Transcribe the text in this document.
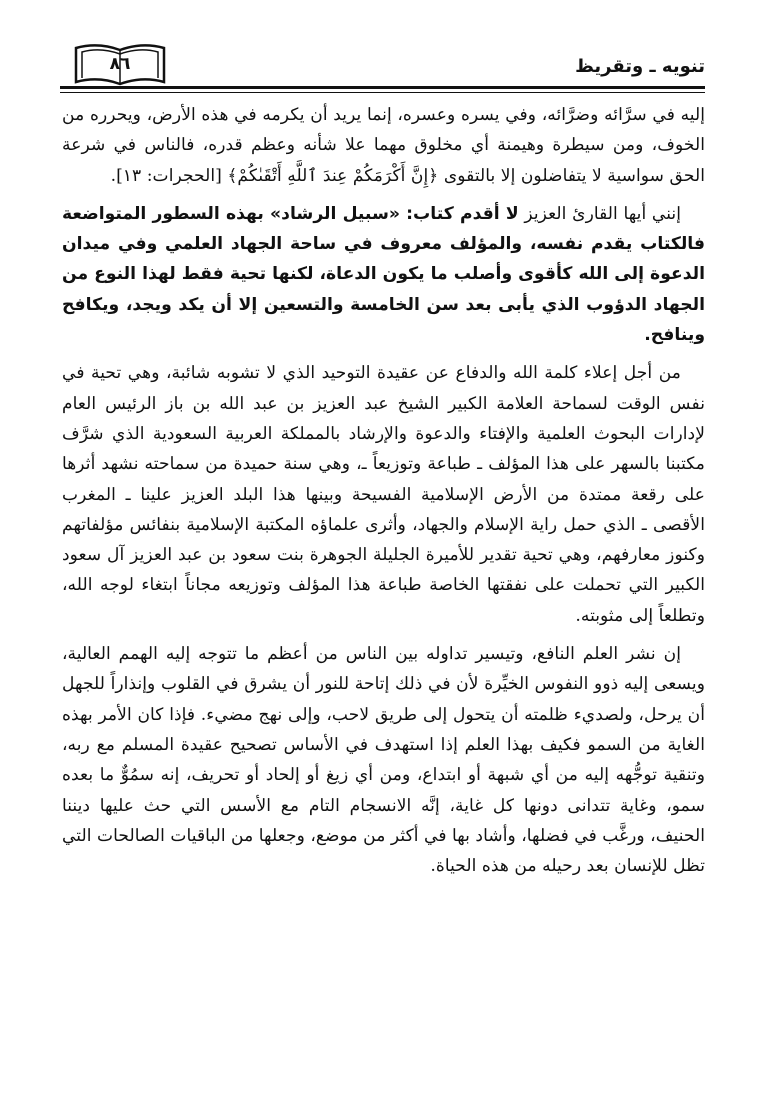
٨٦	تنويه ـ وتقريظ

إليه في سرَّائه وضرَّائه، وفي يسره وعسره، إنما يريد أن يكرمه في هذه الأرض، ويحرره من الخوف، ومن سيطرة وهيمنة أي مخلوق مهما علا شأنه وعظم قدره، فالناس في شرعة الحق سواسية لا يتفاضلون إلا بالتقوى ﴿إِنَّ أَكْرَمَكُمْ عِندَ ٱللَّهِ أَتْقَىٰكُمْ﴾ [الحجرات: ١٣].

إنني أيها القارئ العزيز لا أقدم كتاب: «سبيل الرشاد» بهذه السطور المتواضعة فالكتاب يقدم نفسه، والمؤلف معروف في ساحة الجهاد العلمي وفي ميدان الدعوة إلى الله كأقوى وأصلب ما يكون الدعاة، لكنها تحية فقط لهذا النوع من الجهاد الدؤوب الذي يأبى بعد سن الخامسة والتسعين إلا أن يكد ويجد، ويكافح وينافح.

من أجل إعلاء كلمة الله والدفاع عن عقيدة التوحيد الذي لا تشوبه شائبة، وهي تحية في نفس الوقت لسماحة العلامة الكبير الشيخ عبد العزيز بن عبد الله بن باز الرئيس العام لإدارات البحوث العلمية والإفتاء والدعوة والإرشاد بالمملكة العربية السعودية الذي شرَّف مكتبنا بالسهر على هذا المؤلف ـ طباعة وتوزيعاً ـ، وهي سنة حميدة من سماحته نشهد أثرها على رقعة ممتدة من الأرض الإسلامية الفسيحة وبينها هذا البلد العزيز علينا ـ المغرب الأقصى ـ الذي حمل راية الإسلام والجهاد، وأثرى علماؤه المكتبة الإسلامية بنفائس مؤلفاتهم وكنوز معارفهم، وهي تحية تقدير للأميرة الجليلة الجوهرة بنت سعود بن عبد العزيز آل سعود الكبير التي تحملت على نفقتها الخاصة طباعة هذا المؤلف وتوزيعه مجاناً ابتغاء لوجه الله، وتطلعاً إلى مثوبته.

إن نشر العلم النافع، وتيسير تداوله بين الناس من أعظم ما تتوجه إليه الهمم العالية، ويسعى إليه ذوو النفوس الخيِّرة لأن في ذلك إتاحة للنور أن يشرق في القلوب وإنذاراً للجهل أن يرحل، ولصديء ظلمته أن يتحول إلى طريق لاحب، وإلى نهج مضيء. فإذا كان الأمر بهذه الغاية من السمو فكيف بهذا العلم إذا استهدف في الأساس تصحيح عقيدة المسلم مع ربه، وتنقية توجُّهه إليه من أي شبهة أو ابتداع، ومن أي زيغ أو إلحاد أو تحريف، إنه سمُوٌّ ما بعده سمو، وغاية تتدانى دونها كل غاية، إنَّه الانسجام التام مع الأسس التي حث عليها ديننا الحنيف، ورغَّب في فضلها، وأشاد بها في أكثر من موضع، وجعلها من الباقيات الصالحات التي تظل للإنسان بعد رحيله من هذه الحياة.
